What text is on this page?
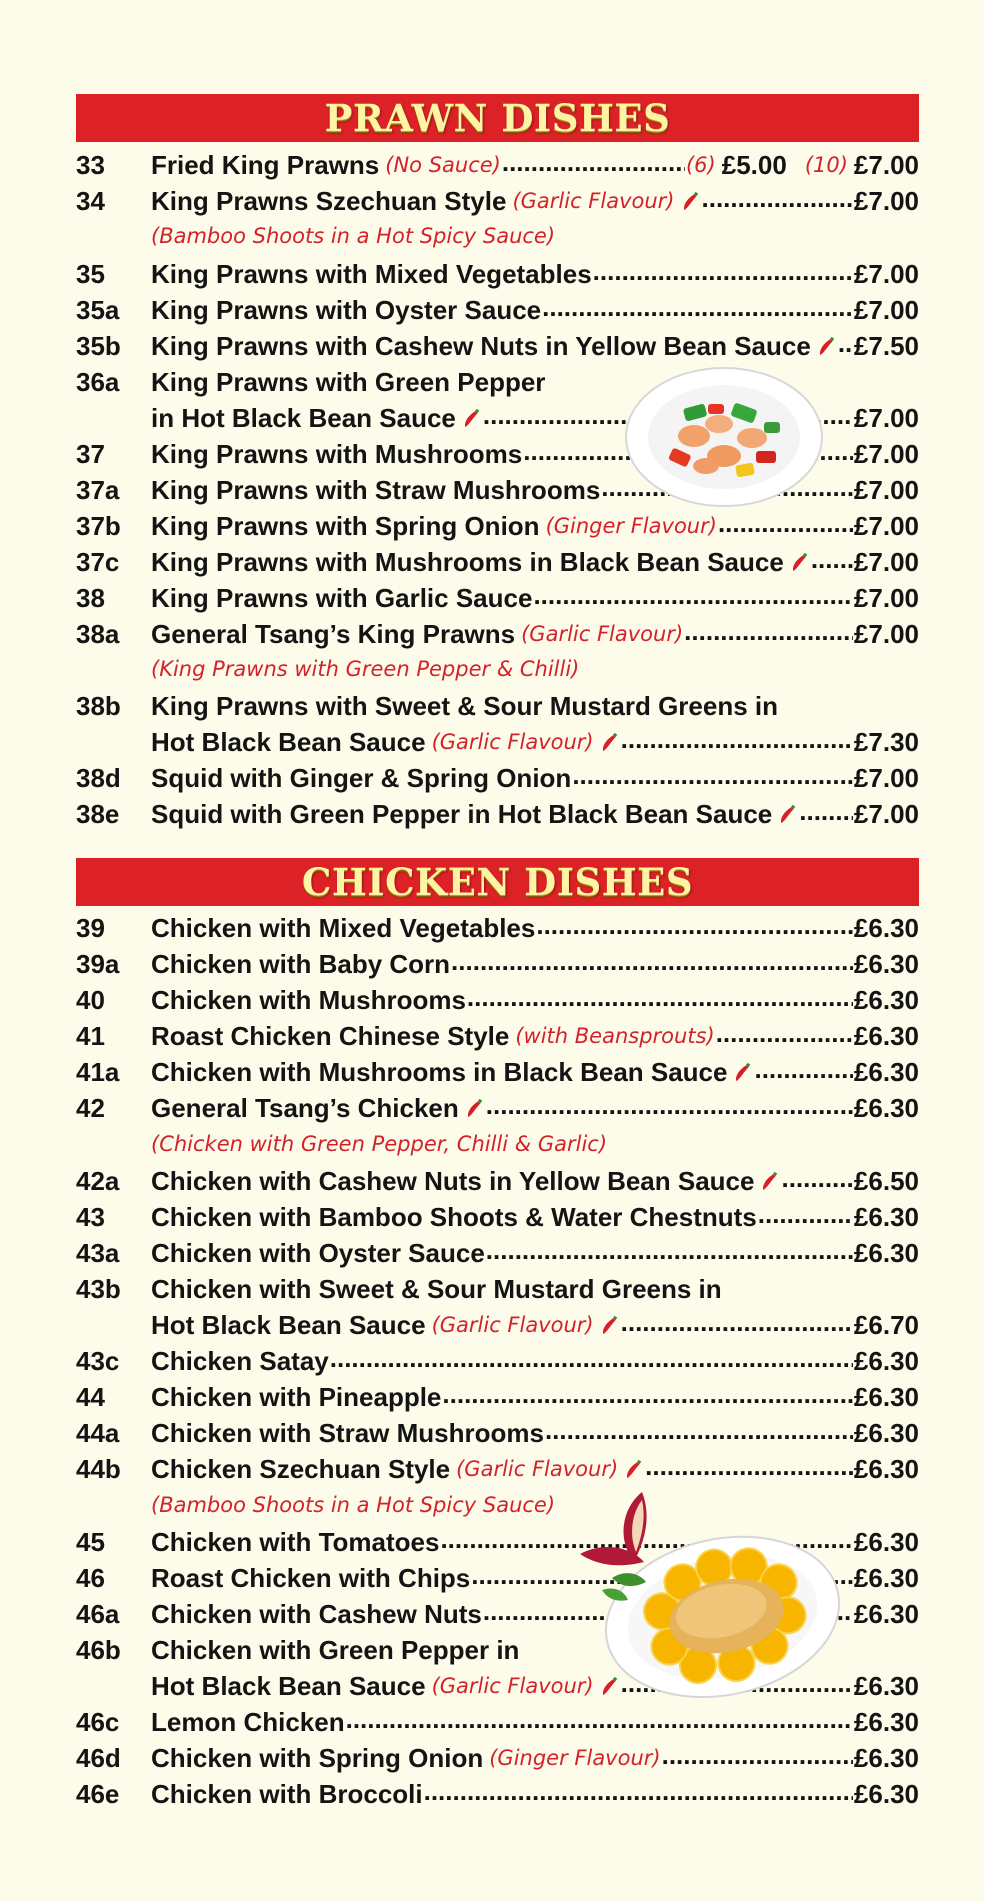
PRAWN DISHES
33	Fried King Prawns (No Sauce) .....	(6) £5.00 (10) £7.00
34	King Prawns Szechuan Style (Garlic Flavour) .....	£7.00
(Bamboo Shoots in a Hot Spicy Sauce)
35	King Prawns with Mixed Vegetables .....	£7.00
35a	King Prawns with Oyster Sauce .....	£7.00
35b	King Prawns with Cashew Nuts in Yellow Bean Sauce ..... £7.50
36a	King Prawns with Green Pepper
in Hot Black Bean Sauce .....	£7.00
37	King Prawns with Mushrooms .....	£7.00
37a	King Prawns with Straw Mushrooms .....	£7.00
37b	King Prawns with Spring Onion (Ginger Flavour) .....	£7.00
37c	King Prawns with Mushrooms in Black Bean Sauce .....	£7.00
38	King Prawns with Garlic Sauce .....	£7.00
38a	General Tsang’s King Prawns (Garlic Flavour) .....	£7.00
(King Prawns with Green Pepper & Chilli)
38b	King Prawns with Sweet & Sour Mustard Greens in
Hot Black Bean Sauce (Garlic Flavour) .....	£7.30
38d	Squid with Ginger & Spring Onion .....	£7.00
38e	Squid with Green Pepper in Hot Black Bean Sauce .....	£7.00
CHICKEN DISHES
39	Chicken with Mixed Vegetables .....	£6.30
39a	Chicken with Baby Corn .....	£6.30
40	Chicken with Mushrooms .....	£6.30
41	Roast Chicken Chinese Style (with Beansprouts) .....	£6.30
41a	Chicken with Mushrooms in Black Bean Sauce .....	£6.30
42	General Tsang’s Chicken .....	£6.30
(Chicken with Green Pepper, Chilli & Garlic)
42a	Chicken with Cashew Nuts in Yellow Bean Sauce .....	£6.50
43	Chicken with Bamboo Shoots & Water Chestnuts .....	£6.30
43a	Chicken with Oyster Sauce .....	£6.30
43b	Chicken with Sweet & Sour Mustard Greens in
Hot Black Bean Sauce (Garlic Flavour) .....	£6.70
43c	Chicken Satay .....	£6.30
44	Chicken with Pineapple .....	£6.30
44a	Chicken with Straw Mushrooms .....	£6.30
44b	Chicken Szechuan Style (Garlic Flavour) .....	£6.30
(Bamboo Shoots in a Hot Spicy Sauce)
45	Chicken with Tomatoes .....	£6.30
46	Roast Chicken with Chips .....	£6.30
46a	Chicken with Cashew Nuts .....	£6.30
46b	Chicken with Green Pepper in
Hot Black Bean Sauce (Garlic Flavour) .....	£6.30
46c	Lemon Chicken .....	£6.30
46d	Chicken with Spring Onion (Ginger Flavour) .....	£6.30
46e	Chicken with Broccoli .....	£6.30
